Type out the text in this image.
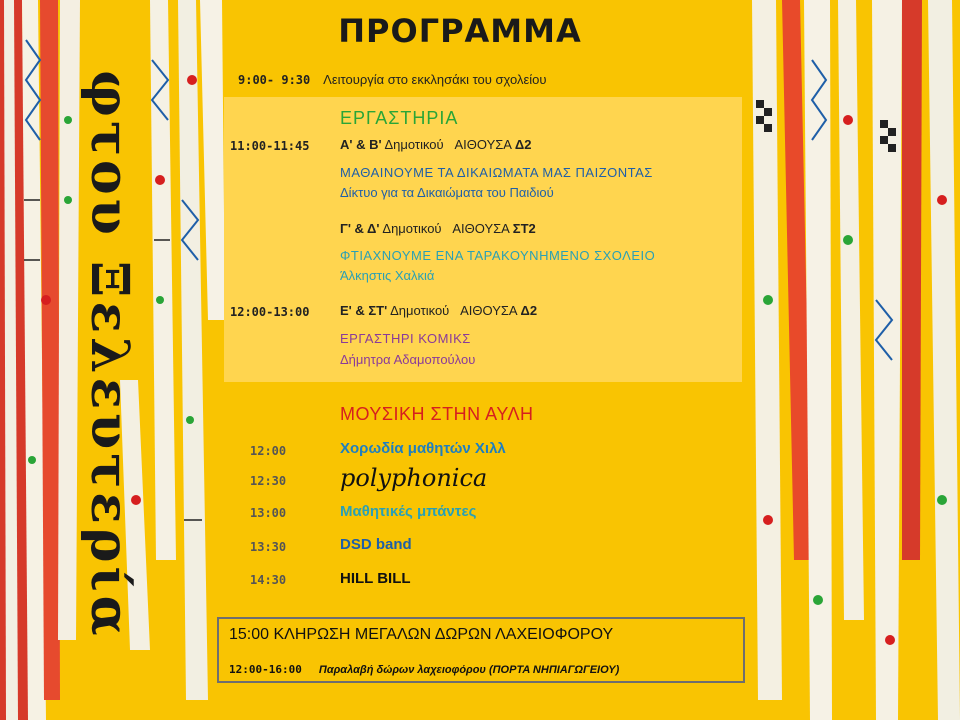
φτου Ξελευτερία
ΠΡΟΓΡΑΜΜΑ
9:00- 9:30 Λειτουργία στο εκκλησάκι του σχολείου
ΕΡΓΑΣΤΗΡΙΑ
11:00-11:45 Α' & Β' Δημοτικού ΑΙΘΟΥΣΑ Δ2
ΜΑΘΑΙΝΟΥΜΕ ΤΑ ΔΙΚΑΙΩΜΑΤΑ ΜΑΣ ΠΑΙΖΟΝΤΑΣ
Δίκτυο για τα Δικαιώματα του Παιδιού
Γ' & Δ' Δημοτικού ΑΙΘΟΥΣΑ ΣΤ2
ΦΤΙΑΧΝΟΥΜΕ ΕΝΑ ΤΑΡΑΚΟΥΝΗΜΕΝΟ ΣΧΟΛΕΙΟ
Άλκηστις Χαλκιά
12:00-13:00 Ε' & ΣΤ' Δημοτικού ΑΙΘΟΥΣΑ Δ2
ΕΡΓΑΣΤΗΡΙ ΚΟΜΙΚΣ
Δήμητρα Αδαμοπούλου
ΜΟΥΣΙΚΗ ΣΤΗΝ ΑΥΛΗ
12:00	Χορωδία μαθητών Χιλλ
12:30 polyphonica
13:00	Μαθητικές μπάντες
13:30	DSD band
14:30	HILL BILL
15:00 ΚΛΗΡΩΣΗ ΜΕΓΑΛΩΝ ΔΩΡΩΝ ΛΑΧΕΙΟΦΟΡΟΥ
12:00-16:00 Παραλαβή δώρων λαχειοφόρου (ΠΟΡΤΑ ΝΗΠΙΑΓΩΓΕΙΟΥ)
